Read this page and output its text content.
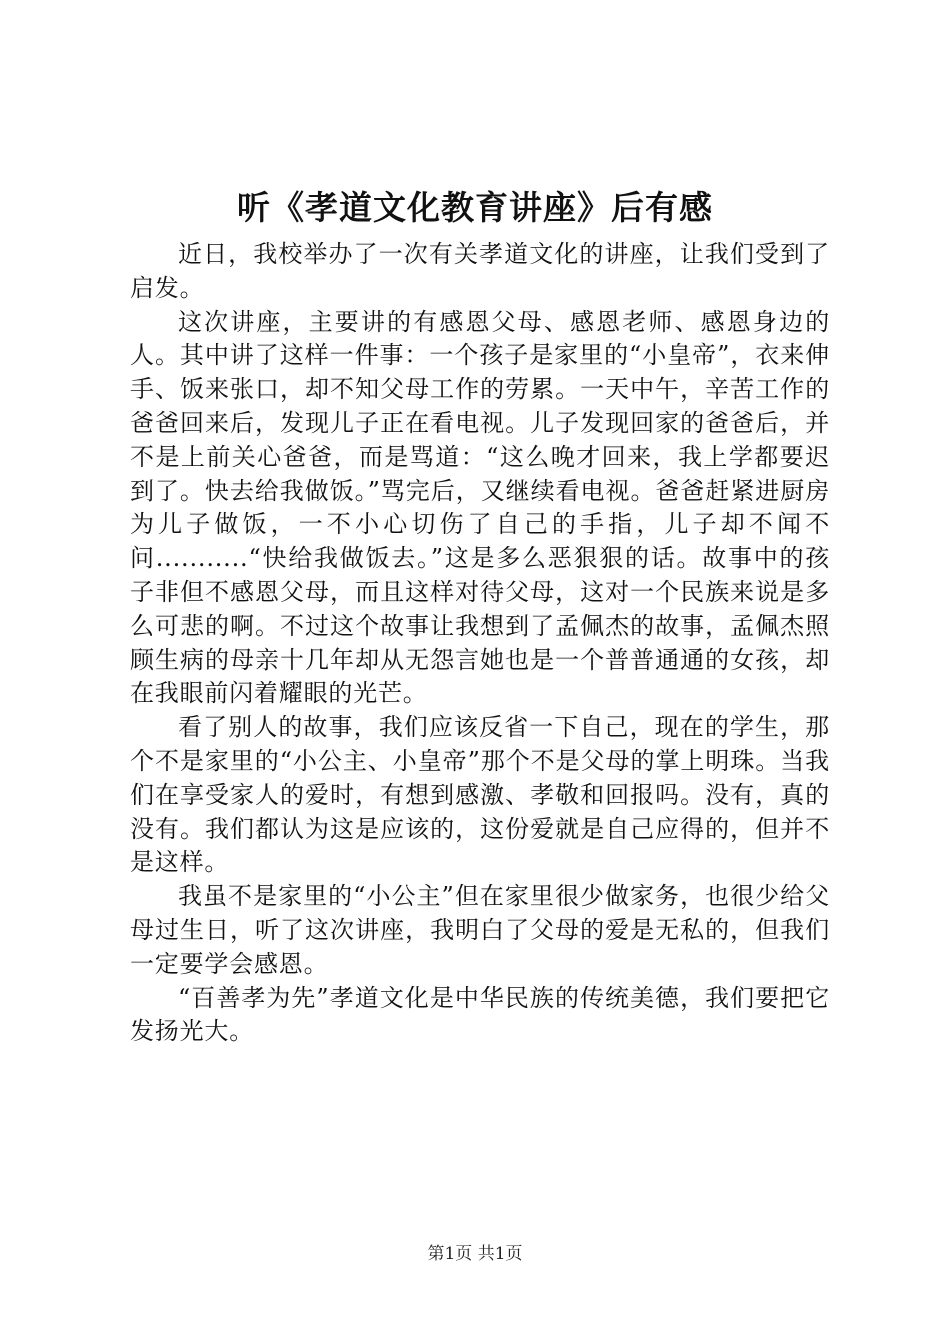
听《孝道文化教育讲座》后有感

近日，我校举办了一次有关孝道文化的讲座，让我们受到了启发。

这次讲座，主要讲的有感恩父母、感恩老师、感恩身边的人。其中讲了这样一件事：一个孩子是家里的“小皇帝”，衣来伸手、饭来张口，却不知父母工作的劳累。一天中午，辛苦工作的爸爸回来后，发现儿子正在看电视。儿子发现回家的爸爸后，并不是上前关心爸爸，而是骂道：“这么晚才回来，我上学都要迟到了。快去给我做饭。”骂完后，又继续看电视。爸爸赶紧进厨房为儿子做饭，一不小心切伤了自己的手指，儿子却不闻不问...........“快给我做饭去。”这是多么恶狠狠的话。故事中的孩子非但不感恩父母，而且这样对待父母，这对一个民族来说是多么可悲的啊。不过这个故事让我想到了孟佩杰的故事，孟佩杰照顾生病的母亲十几年却从无怨言她也是一个普普通通的女孩，却在我眼前闪着耀眼的光芒。

看了别人的故事，我们应该反省一下自己，现在的学生，那个不是家里的“小公主、小皇帝”那个不是父母的掌上明珠。当我们在享受家人的爱时，有想到感激、孝敬和回报吗。没有，真的没有。我们都认为这是应该的，这份爱就是自己应得的，但并不是这样。

我虽不是家里的“小公主”但在家里很少做家务，也很少给父母过生日，听了这次讲座，我明白了父母的爱是无私的，但我们一定要学会感恩。

“百善孝为先”孝道文化是中华民族的传统美德，我们要把它发扬光大。

第1页 共1页
